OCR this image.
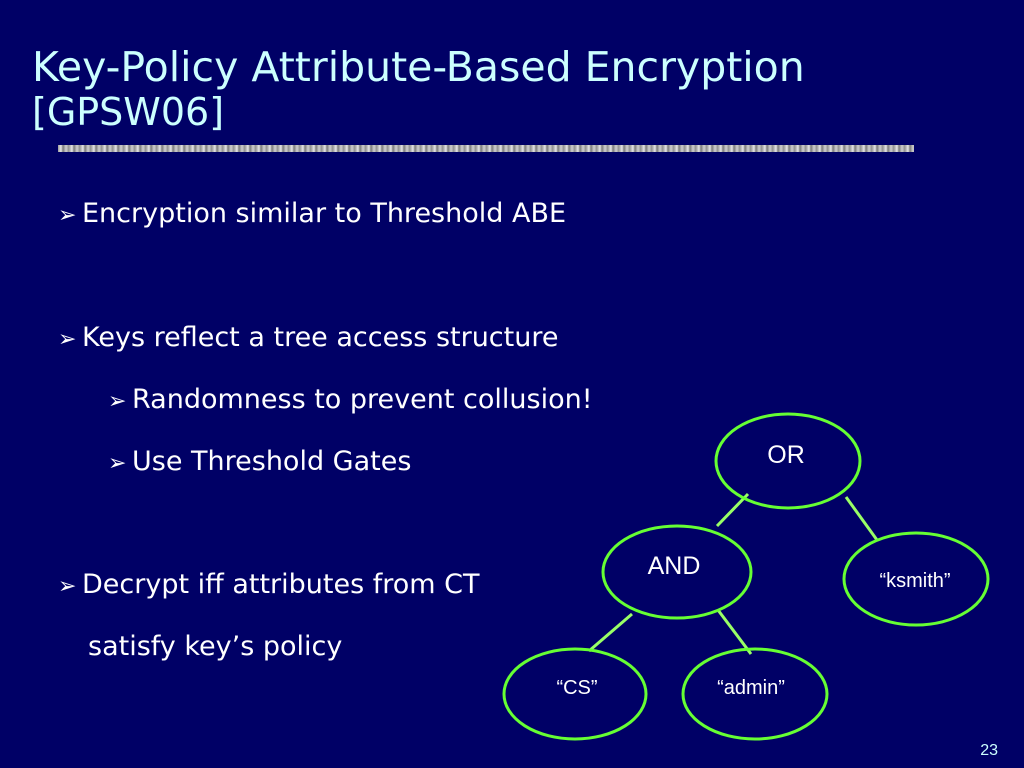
Key-Policy Attribute-Based Encryption
[GPSW06]
➢ Encryption similar to Threshold ABE
➢ Keys reflect a tree access structure
➢ Randomness to prevent collusion!
➢ Use Threshold Gates
➢ Decrypt iff attributes from CT
satisfy key’s policy
OR
AND
“ksmith”
“CS”	“admin”
23
